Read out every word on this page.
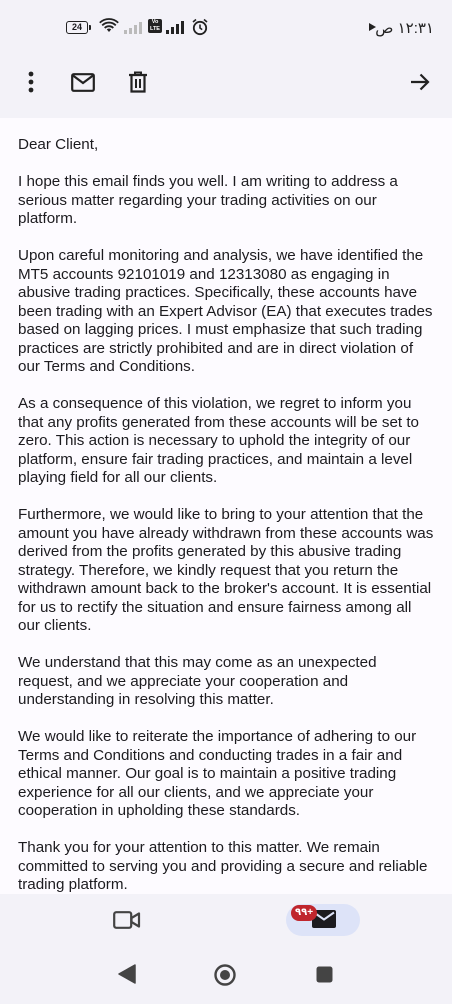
24	Vo LTE	١٢:٣١ ص

Dear Client,

I hope this email finds you well. I am writing to address a serious matter regarding your trading activities on our platform.

Upon careful monitoring and analysis, we have identified the MT5 accounts 92101019 and 12313080 as engaging in abusive trading practices. Specifically, these accounts have been trading with an Expert Advisor (EA) that executes trades based on lagging prices. I must emphasize that such trading practices are strictly prohibited and are in direct violation of our Terms and Conditions.

As a consequence of this violation, we regret to inform you that any profits generated from these accounts will be set to zero. This action is necessary to uphold the integrity of our platform, ensure fair trading practices, and maintain a level playing field for all our clients.

Furthermore, we would like to bring to your attention that the amount you have already withdrawn from these accounts was derived from the profits generated by this abusive trading strategy. Therefore, we kindly request that you return the withdrawn amount back to the broker's account. It is essential for us to rectify the situation and ensure fairness among all our clients.

We understand that this may come as an unexpected request, and we appreciate your cooperation and understanding in resolving this matter.

We would like to reiterate the importance of adhering to our Terms and Conditions and conducting trades in a fair and ethical manner. Our goal is to maintain a positive trading experience for all our clients, and we appreciate your cooperation in upholding these standards.

Thank you for your attention to this matter. We remain committed to serving you and providing a secure and reliable trading platform.

٩٩+
